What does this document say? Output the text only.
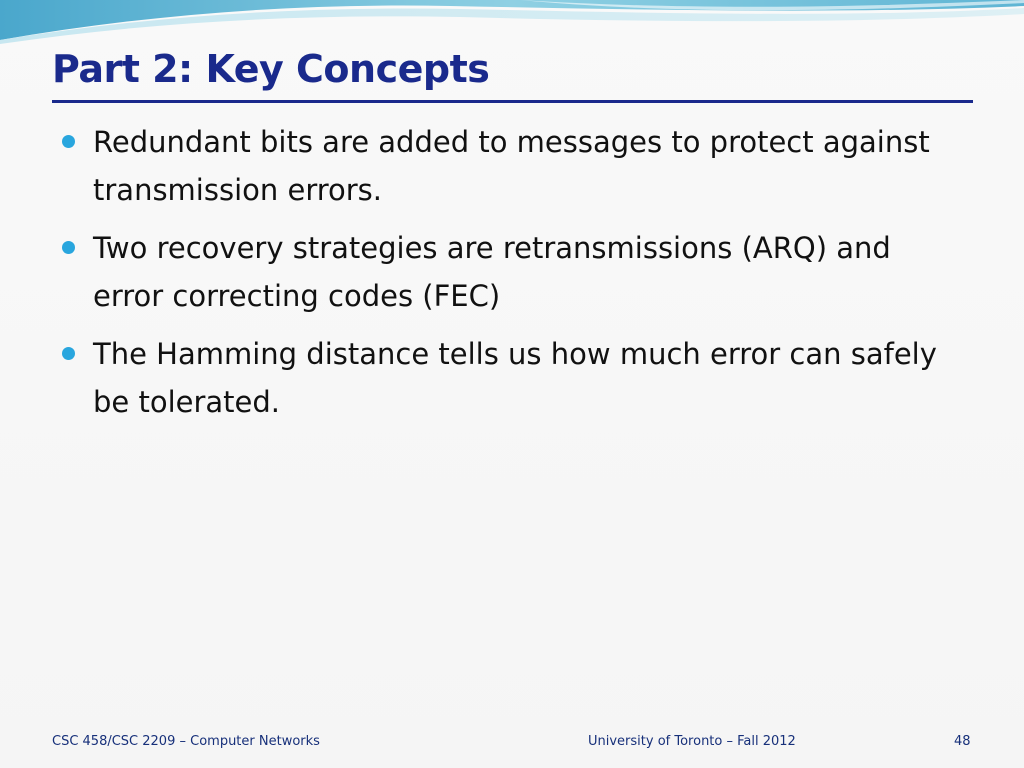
Part 2: Key Concepts
Redundant bits are added to messages to protect against transmission errors.
Two recovery strategies are retransmissions (ARQ) and error correcting codes (FEC)
The Hamming distance tells us how much error can safely be tolerated.
CSC 458/CSC 2209 – Computer Networks	University of Toronto – Fall 2012	48
